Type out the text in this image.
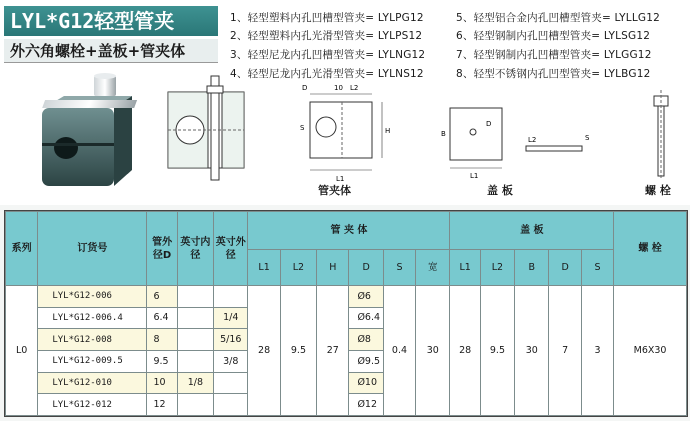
LYL*G12轻型管夹
外六角螺栓+盖板+管夹体
1、轻型塑料内孔凹槽型管夹= LYLPG12
2、轻型塑料内孔光滑型管夹= LYLPS12
3、轻型尼龙内孔凹槽型管夹= LYLNG12
4、轻型尼龙内孔光滑型管夹= LYLNS12
5、轻型铝合金内孔凹槽型管夹= LYLLG12
6、轻型钢制内孔凹槽型管夹= LYLSG12
7、轻型钢制内孔凹槽型管夹= LYLGG12
8、轻型不锈钢内孔凹型管夹= LYLBG12
D	10 L2
S	H
L1
B
D
L1
L2	S
管夹体	盖 板	螺 栓
系列	订货号	管外径D	英寸内径	英寸外径	管 夹 体						盖 板					螺 栓
					L1	L2	H	D	S	宽	L1	L2	B	D	S	
L0	LYL*G12-006	6			28	9.5	27	Ø6	0.4	30	28	9.5	30	7	3	M6X30
	LYL*G12-006.4	6.4		1/4				Ø6.4								
	LYL*G12-008	8		5/16				Ø8								
	LYL*G12-009.5	9.5		3/8				Ø9.5								
	LYL*G12-010	10	1/8					Ø10								
	LYL*G12-012	12						Ø12								
